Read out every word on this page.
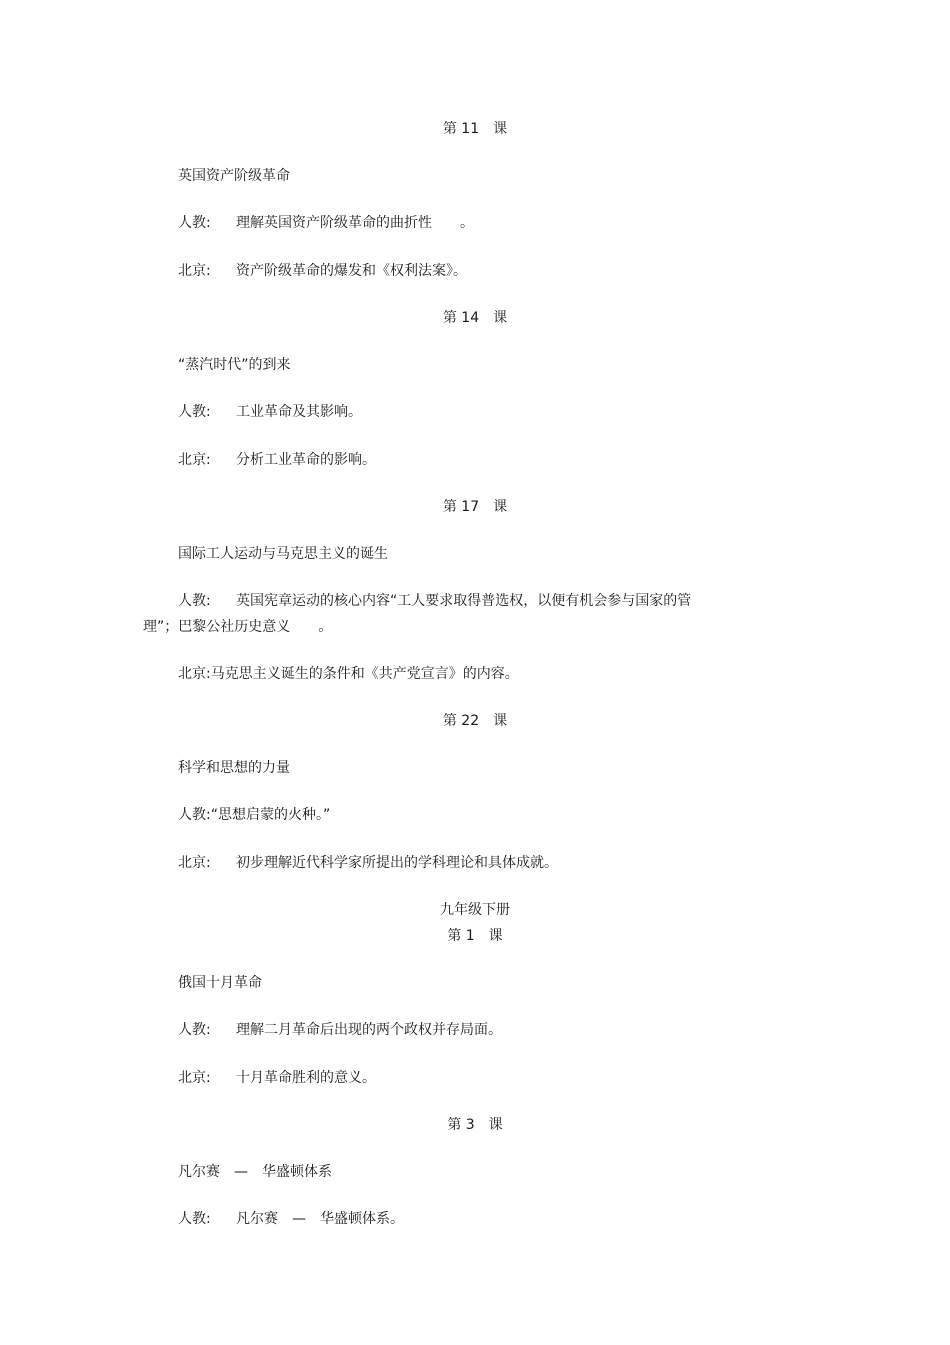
第 11　课
英国资产阶级革命
人教: 理解英国资产阶级革命的曲折性　　。
北京: 资产阶级革命的爆发和《权利法案》。
第 14　课
“蒸汽时代”的到来
人教: 工业革命及其影响。
北京: 分析工业革命的影响。
第 17　课
国际工人运动与马克思主义的诞生
人教: 英国宪章运动的核心内容“工人要求取得普选权，以便有机会参与国家的管
理”；巴黎公社历史意义　　。
北京:马克思主义诞生的条件和《共产党宣言》的内容。
第 22　课
科学和思想的力量
人教:“思想启蒙的火种。”
北京: 初步理解近代科学家所提出的学科理论和具体成就。
九年级下册
第 1　课
俄国十月革命
人教: 理解二月革命后出现的两个政权并存局面。
北京: 十月革命胜利的意义。
第 3　课
凡尔赛　—　华盛顿体系
人教: 凡尔赛　—　华盛顿体系。
